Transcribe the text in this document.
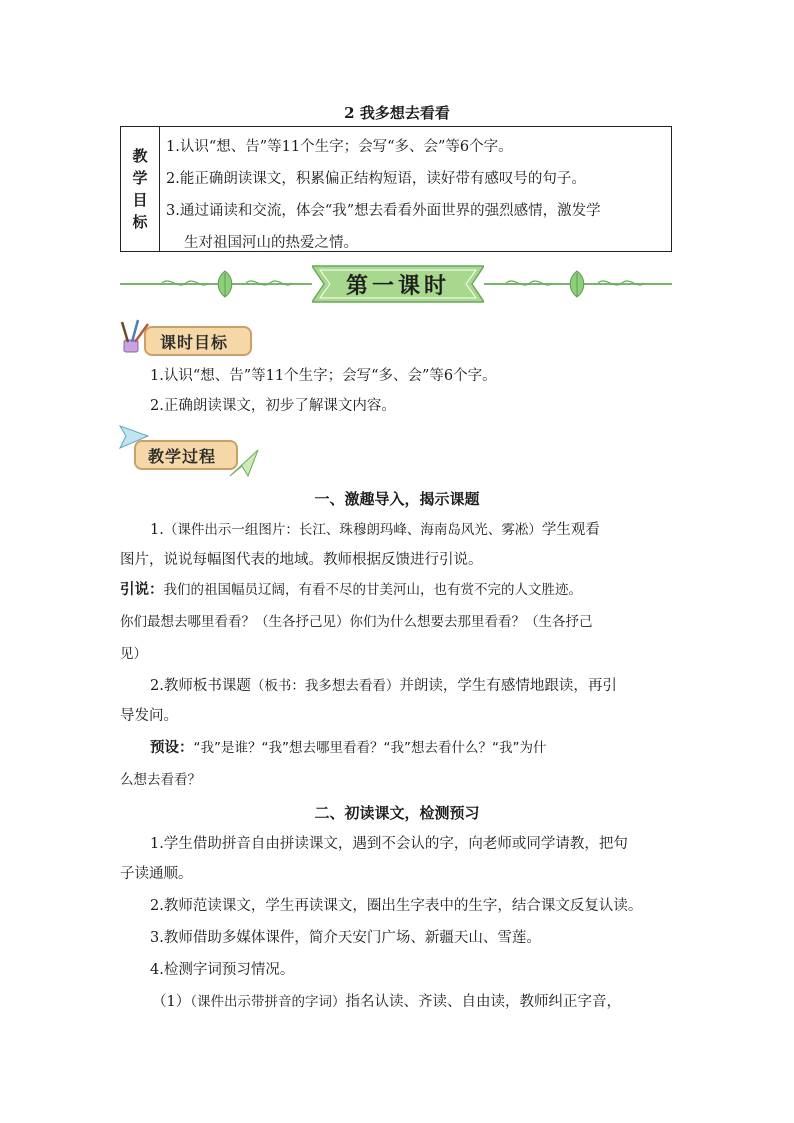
2 我多想去看看
教
学
目
标
1.认识“想、告”等11个生字；会写“多、会”等6个字。
2.能正确朗读课文，积累偏正结构短语，读好带有感叹号的句子。
3.通过诵读和交流，体会“我”想去看看外面世界的强烈感情，激发学
生对祖国河山的热爱之情。
第一课时
课时目标
1.认识“想、告”等11个生字；会写“多、会”等6个字。
2.正确朗读课文，初步了解课文内容。
教学过程
一、激趣导入，揭示课题
1.（课件出示一组图片：长江、珠穆朗玛峰、海南岛风光、雾凇）学生观看
图片，说说每幅图代表的地域。教师根据反馈进行引说。
引说：我们的祖国幅员辽阔，有看不尽的甘美河山，也有赏不完的人文胜迹。
你们最想去哪里看看？（生各抒己见）你们为什么想要去那里看看？（生各抒己
见）
2.教师板书课题（板书：我多想去看看）并朗读，学生有感情地跟读，再引
导发问。
预设：“我”是谁？“我”想去哪里看看？“我”想去看什么？“我”为什
么想去看看？
二、初读课文，检测预习
1.学生借助拼音自由拼读课文，遇到不会认的字，向老师或同学请教，把句
子读通顺。
2.教师范读课文，学生再读课文，圈出生字表中的生字，结合课文反复认读。
3.教师借助多媒体课件，简介天安门广场、新疆天山、雪莲。
4.检测字词预习情况。
（1）（课件出示带拼音的字词）指名认读、齐读、自由读，教师纠正字音，
